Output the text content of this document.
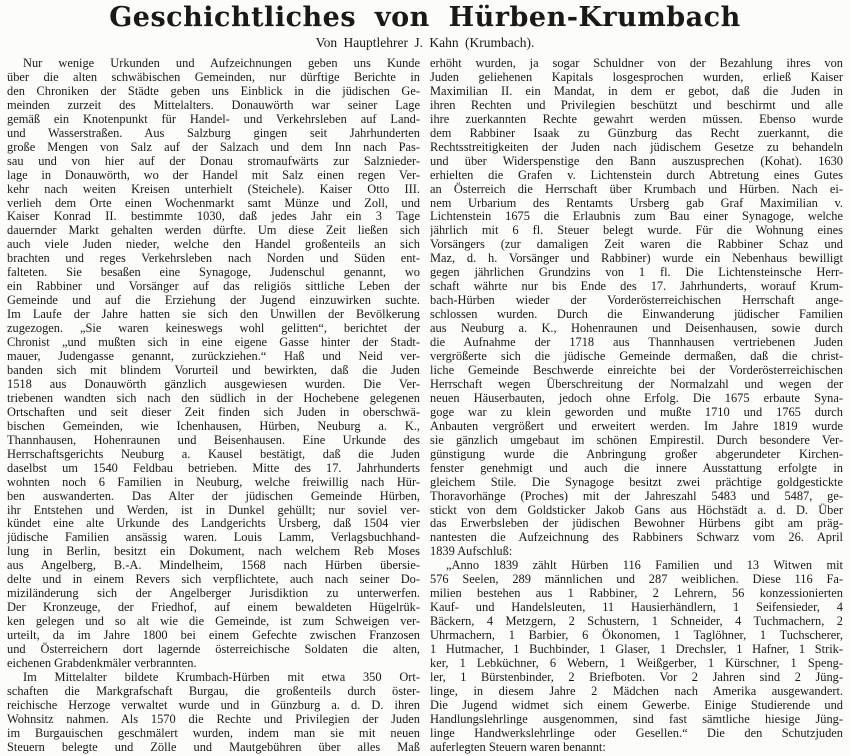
Geschichtliches von Hürben-Krumbach

Von Hauptlehrer J. Kahn (Krumbach).

Nur wenige Urkunden und Aufzeichnungen geben uns Kunde
über die alten schwäbischen Gemeinden, nur dürftige Berichte in
den Chroniken der Städte geben uns Einblick in die jüdischen Ge-
meinden zurzeit des Mittelalters. Donauwörth war seiner Lage
gemäß ein Knotenpunkt für Handel- und Verkehrsleben auf Land-
und Wasserstraßen. Aus Salzburg gingen seit Jahrhunderten
große Mengen von Salz auf der Salzach und dem Inn nach Pas-
sau und von hier auf der Donau stromaufwärts zur Salznieder-
lage in Donauwörth, wo der Handel mit Salz einen regen Ver-
kehr nach weiten Kreisen unterhielt (Steichele). Kaiser Otto III.
verlieh dem Orte einen Wochenmarkt samt Münze und Zoll, und
Kaiser Konrad II. bestimmte 1030, daß jedes Jahr ein 3 Tage
dauernder Markt gehalten werden dürfte. Um diese Zeit ließen sich
auch viele Juden nieder, welche den Handel großenteils an sich
brachten und reges Verkehrsleben nach Norden und Süden ent-
falteten. Sie besaßen eine Synagoge, Judenschul genannt, wo
ein Rabbiner und Vorsänger auf das religiös sittliche Leben der
Gemeinde und auf die Erziehung der Jugend einzuwirken suchte.
Im Laufe der Jahre hatten sie sich den Unwillen der Bevölkerung
zugezogen. „Sie waren keineswegs wohl gelitten“, berichtet der
Chronist „und mußten sich in eine eigene Gasse hinter der Stadt-
mauer, Judengasse genannt, zurückziehen.“ Haß und Neid ver-
banden sich mit blindem Vorurteil und bewirkten, daß die Juden
1518 aus Donauwörth gänzlich ausgewiesen wurden. Die Ver-
triebenen wandten sich nach den südlich in der Hochebene gelegenen
Ortschaften und seit dieser Zeit finden sich Juden in oberschwä-
bischen Gemeinden, wie Ichenhausen, Hürben, Neuburg a. K.,
Thannhausen, Hohenraunen und Beisenhausen. Eine Urkunde des
Herrschaftsgerichts Neuburg a. Kausel bestätigt, daß die Juden
daselbst um 1540 Feldbau betrieben. Mitte des 17. Jahrhunderts
wohnten noch 6 Familien in Neuburg, welche freiwillig nach Hür-
ben auswanderten. Das Alter der jüdischen Gemeinde Hürben,
ihr Entstehen und Werden, ist in Dunkel gehüllt; nur soviel ver-
kündet eine alte Urkunde des Landgerichts Ursberg, daß 1504 vier
jüdische Familien ansässig waren. Louis Lamm, Verlagsbuchhand-
lung in Berlin, besitzt ein Dokument, nach welchem Reb Moses
aus Angelberg, B.-A. Mindelheim, 1568 nach Hürben übersie-
delte und in einem Revers sich verpflichtete, auch nach seiner Do-
miziländerung sich der Angelberger Jurisdiktion zu unterwerfen.
Der Kronzeuge, der Friedhof, auf einem bewaldeten Hügelrük-
ken gelegen und so alt wie die Gemeinde, ist zum Schweigen ver-
urteilt, da im Jahre 1800 bei einem Gefechte zwischen Franzosen
und Österreichern dort lagernde österreichische Soldaten die alten,
eichenen Grabdenkmäler verbrannten.
Im Mittelalter bildete Krumbach-Hürben mit etwa 350 Ort-
schaften die Markgrafschaft Burgau, die großenteils durch öster-
reichische Herzoge verwaltet wurde und in Günzburg a. d. D. ihren
Wohnsitz nahmen. Als 1570 die Rechte und Privilegien der Juden
im Burgauischen geschmälert wurden, indem man sie mit neuen
Steuern belegte und Zölle und Mautgebühren über alles Maß
erhöht wurden, ja sogar Schuldner von der Bezahlung ihres von
Juden geliehenen Kapitals losgesprochen wurden, erließ Kaiser
Maximilian II. ein Mandat, in dem er gebot, daß die Juden in
ihren Rechten und Privilegien beschützt und beschirmt und alle
ihre zuerkannten Rechte gewahrt werden müssen. Ebenso wurde
dem Rabbiner Isaak zu Günzburg das Recht zuerkannt, die
Rechtsstreitigkeiten der Juden nach jüdischem Gesetze zu behandeln
und über Widerspenstige den Bann auszusprechen (Kohat). 1630
erhielten die Grafen v. Lichtenstein durch Abtretung eines Gutes
an Österreich die Herrschaft über Krumbach und Hürben. Nach ei-
nem Urbarium des Rentamts Ursberg gab Graf Maximilian v.
Lichtenstein 1675 die Erlaubnis zum Bau einer Synagoge, welche
jährlich mit 6 fl. Steuer belegt wurde. Für die Wohnung eines
Vorsängers (zur damaligen Zeit waren die Rabbiner Schaz und
Maz, d. h. Vorsänger und Rabbiner) wurde ein Nebenhaus bewilligt
gegen jährlichen Grundzins von 1 fl. Die Lichtensteinsche Herr-
schaft währte nur bis Ende des 17. Jahrhunderts, worauf Krum-
bach-Hürben wieder der Vorderösterreichischen Herrschaft ange-
schlossen wurden. Durch die Einwanderung jüdischer Familien
aus Neuburg a. K., Hohenraunen und Deisenhausen, sowie durch
die Aufnahme der 1718 aus Thannhausen vertriebenen Juden
vergrößerte sich die jüdische Gemeinde dermaßen, daß die christ-
liche Gemeinde Beschwerde einreichte bei der Vorderösterreichischen
Herrschaft wegen Überschreitung der Normalzahl und wegen der
neuen Häuserbauten, jedoch ohne Erfolg. Die 1675 erbaute Syna-
goge war zu klein geworden und mußte 1710 und 1765 durch
Anbauten vergrößert und erweitert werden. Im Jahre 1819 wurde
sie gänzlich umgebaut im schönen Empirestil. Durch besondere Ver-
günstigung wurde die Anbringung großer abgerundeter Kirchen-
fenster genehmigt und auch die innere Ausstattung erfolgte in
gleichem Stile. Die Synagoge besitzt zwei prächtige goldgestickte
Thoravorhänge (Proches) mit der Jahreszahl 5483 und 5487, ge-
stickt von dem Goldsticker Jakob Gans aus Höchstädt a. d. D. Über
das Erwerbsleben der jüdischen Bewohner Hürbens gibt am präg-
nantesten die Aufzeichnung des Rabbiners Schwarz vom 26. April
1839 Aufschluß:
„Anno 1839 zählt Hürben 116 Familien und 13 Witwen mit
576 Seelen, 289 männlichen und 287 weiblichen. Diese 116 Fa-
milien bestehen aus 1 Rabbiner, 2 Lehrern, 56 konzessionierten
Kauf- und Handelsleuten, 11 Hausierhändlern, 1 Seifensieder, 4
Bäckern, 4 Metzgern, 2 Schustern, 1 Schneider, 4 Tuchmachern, 2
Uhrmachern, 1 Barbier, 6 Ökonomen, 1 Taglöhner, 1 Tuchscherer,
1 Hutmacher, 1 Buchbinder, 1 Glaser, 1 Drechsler, 1 Hafner, 1 Strik-
ker, 1 Lebküchner, 6 Webern, 1 Weißgerber, 1 Kürschner, 1 Speng-
ler, 1 Bürstenbinder, 2 Briefboten. Vor 2 Jahren sind 2 Jüng-
linge, in diesem Jahre 2 Mädchen nach Amerika ausgewandert.
Die Jugend widmet sich einem Gewerbe. Einige Studierende und
Handlungslehrlinge ausgenommen, sind fast sämtliche hiesige Jüng-
linge Handwerkslehrlinge oder Gesellen.“ Die den Schutzjuden
auferlegten Steuern waren benannt:
